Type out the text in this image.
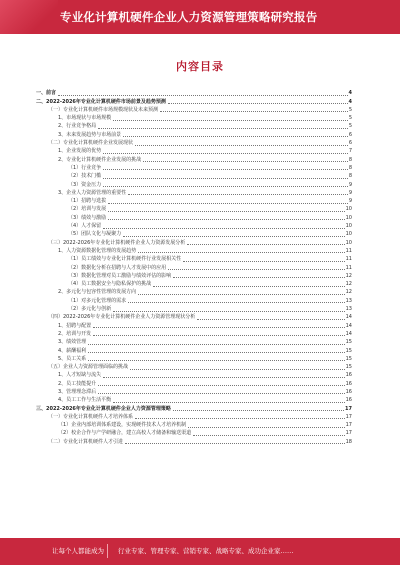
专业化计算机硬件企业人力资源管理策略研究报告
内容目录
一、前言	4
二、2022-2026年专业化计算机硬件市场前景及趋势预测	4
（一）专业化计算机硬件市场规模现状及未来预测	5
1、市场现状与市场规模	5
2、行业竞争格局	5
3、未来发展趋势与市场前景	6
（二）专业化计算机硬件企业发展现状	6
1、企业发展的优势	7
2、专业化计算机硬件企业发展的挑战	8
（1）行业竞争	8
（2）技术门槛	8
（3）资金压力	9
3、企业人力资源管理的重要性	9
（1）招聘与选拔	9
（2）培训与发展	10
（3）绩效与激励	10
（4）人才保留	10
（5）团队文化与凝聚力	10
（三）2022-2026年专业化计算机硬件企业人力资源发展分析	10
1、人力资源数据化管理的发展趋势	11
（1）员工绩效与专业化计算机硬件行业发展相关性	11
（2）数据化分析在招聘与人才发展中的应用	11
（3）数据化管理对员工激励与绩效评估的影响	12
（4）员工数据安全与隐私保护的挑战	12
2、多元化与包容性管理的发展方向	12
（1）对多元化管理的需求	13
（2）多元化与创新	13
（四）2022-2026年专业化计算机硬件企业人力资源管理现状分析	14
1、招聘与配置	14
2、培训与开发	14
3、绩效管理	15
4、薪酬福利	15
5、员工关系	15
（五）企业人力资源管理面临的挑战	15
1、人才短缺与流失	16
2、员工技能提升	16
3、管理理念滞后	16
4、员工工作与生活平衡	16
三、2022-2026年专业化计算机硬件企业人力资源管理策略	17
（一）专业化计算机硬件人才培养体系	17
（1）企业内部培训体系建设，实现硬件技术人才培养机制	17
（2）校企合作与产学研融合，建立高校人才储备和输送渠道	17
（二）专业化计算机硬件人才引进	18
让每个人都能成为 行业专家、管理专家、营销专家、战略专家、成功企业家……
